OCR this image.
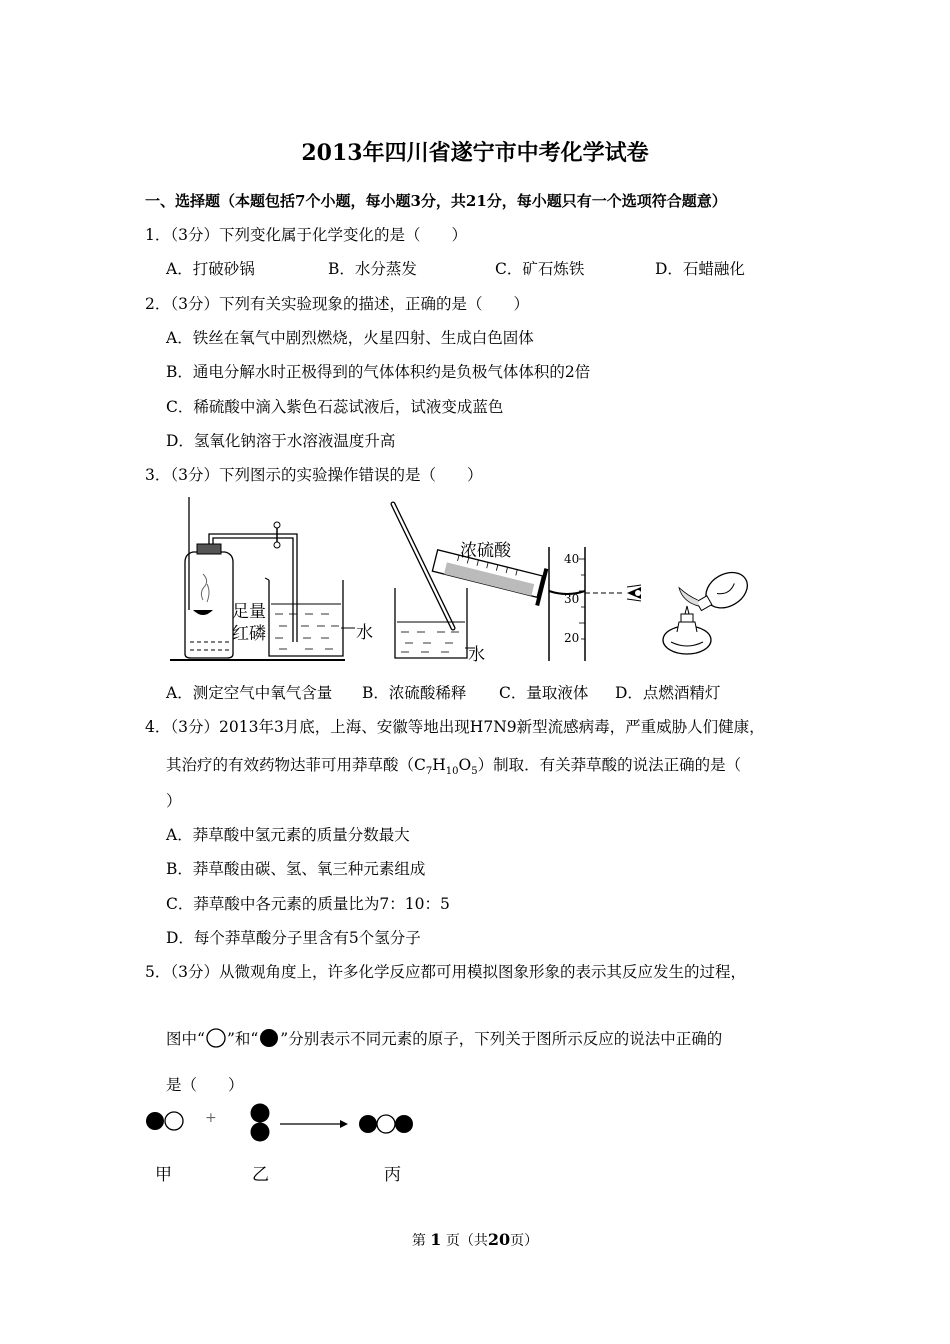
2013年四川省遂宁市中考化学试卷
一、选择题（本题包括7个小题，每小题3分，共21分，每小题只有一个选项符合题意）
1．（3分）下列变化属于化学变化的是（　　）
A．打破砂锅	B．水分蒸发	C．矿石炼铁	D．石蜡融化
2．（3分）下列有关实验现象的描述，正确的是（　　）
A．铁丝在氧气中剧烈燃烧，火星四射、生成白色固体
B．通电分解水时正极得到的气体体积约是负极气体体积的2倍
C．稀硫酸中滴入紫色石蕊试液后，试液变成蓝色
D．氢氧化钠溶于水溶液温度升高
3．（3分）下列图示的实验操作错误的是（　　）
足量
红磷	水
浓硫酸
水
40
30
20
A．测定空气中氧气含量 B．浓硫酸稀释 C．量取液体 D．点燃酒精灯
4．（3分）2013年3月底，上海、安徽等地出现H7N9新型流感病毒，严重威胁人们健康，
其治疗的有效药物达菲可用莽草酸$(C_7H_{10}O_5)$制取．有关莽草酸的说法正确的是（
）
A．莽草酸中氢元素的质量分数最大
B．莽草酸由碳、氢、氧三种元素组成
C．莽草酸中各元素的质量比为7：10：5
D．每个莽草酸分子里含有5个氢分子
5．（3分）从微观角度上，许多化学反应都可用模拟图象形象的表示其反应发生的过程，
图中“ ”和“ ”分别表示不同元素的原子，下列关于图所示反应的说法中正确的
是（　　）
+
甲	乙	丙
第 1 页（共20页）
